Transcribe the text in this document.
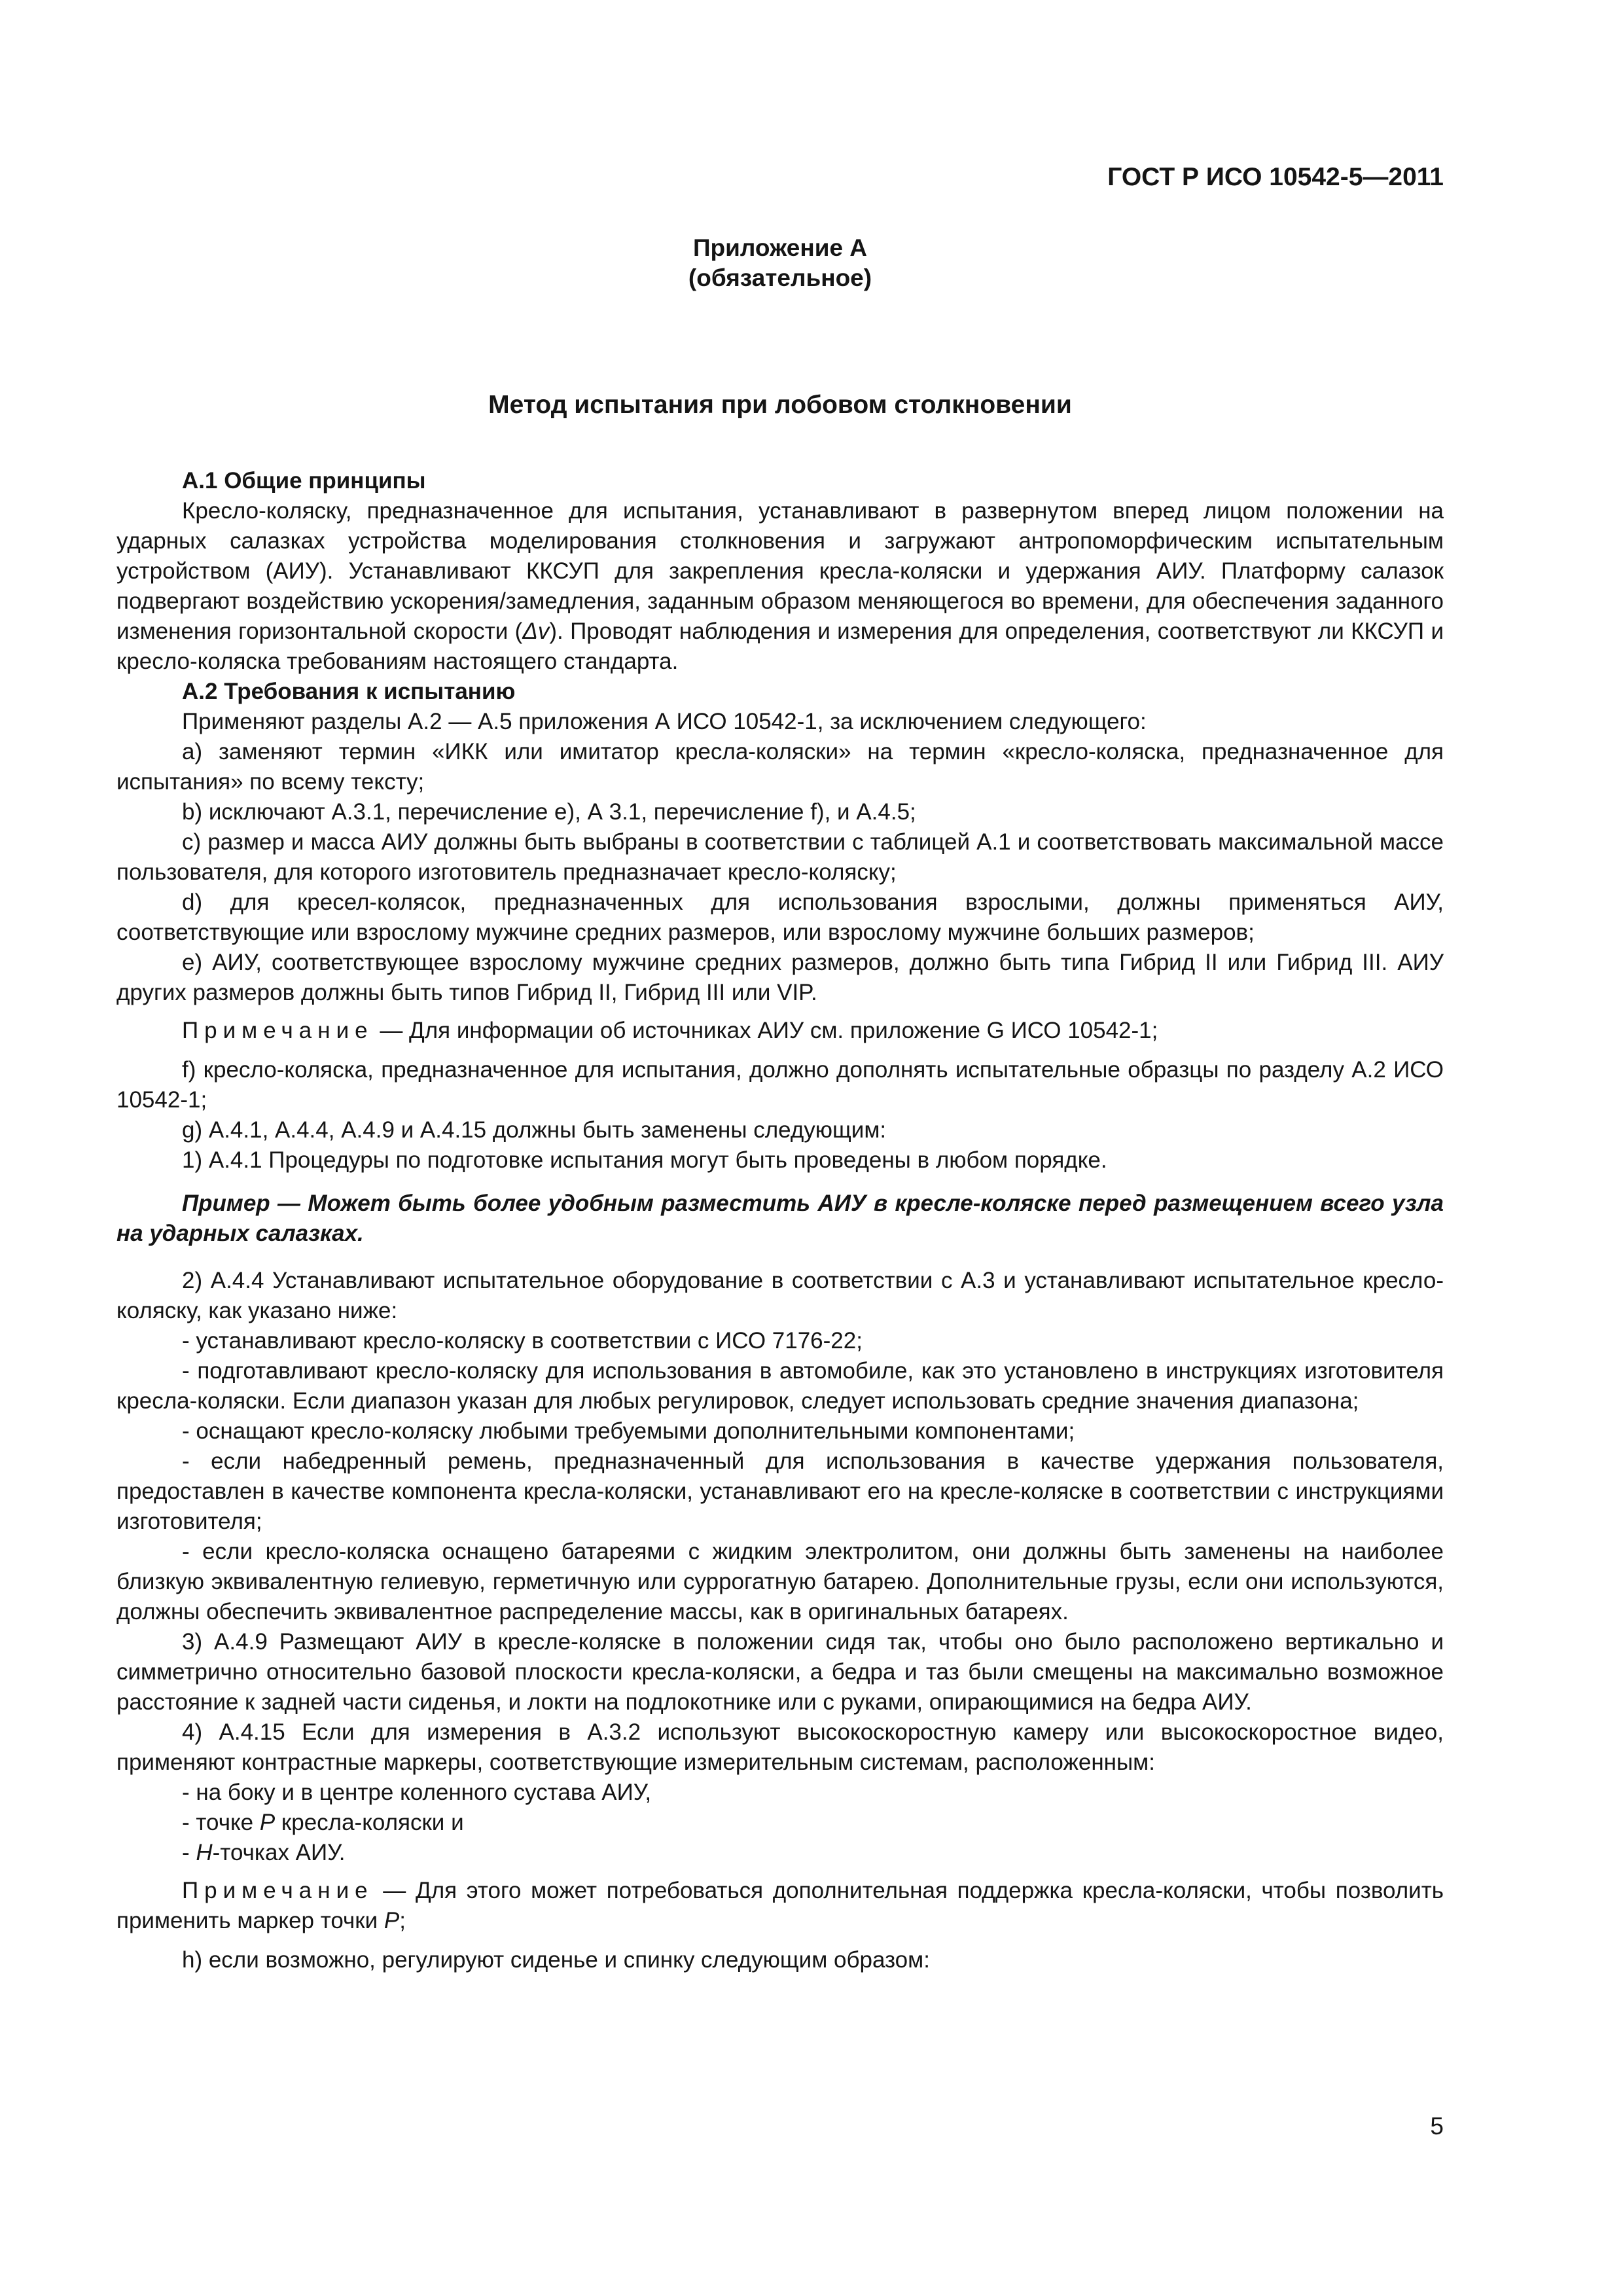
ГОСТ Р ИСО 10542-5—2011
Приложение А
(обязательное)
Метод испытания при лобовом столкновении

А.1 Общие принципы

Кресло-коляску, предназначенное для испытания, устанавливают в развернутом вперед лицом положении на ударных салазках устройства моделирования столкновения и загружают антропоморфическим испытательным устройством (АИУ). Устанавливают ККСУП для закрепления кресла-коляски и удержания АИУ. Платформу салазок подвергают воздействию ускорения/замедления, заданным образом меняющегося во времени, для обеспечения заданного изменения горизонтальной скорости (Δv). Проводят наблюдения и измерения для определения, соответствуют ли ККСУП и кресло-коляска требованиям настоящего стандарта.

А.2 Требования к испытанию

Применяют разделы А.2 — А.5 приложения А ИСО 10542-1, за исключением следующего:

a) заменяют термин «ИКК или имитатор кресла-коляски» на термин «кресло-коляска, предназначенное для испытания» по всему тексту;

b) исключают А.3.1, перечисление е), А 3.1, перечисление f), и А.4.5;

c) размер и масса АИУ должны быть выбраны в соответствии с таблицей А.1 и соответствовать максимальной массе пользователя, для которого изготовитель предназначает кресло-коляску;

d) для кресел-колясок, предназначенных для использования взрослыми, должны применяться АИУ, соответствующие или взрослому мужчине средних размеров, или взрослому мужчине больших размеров;

e) АИУ, соответствующее взрослому мужчине средних размеров, должно быть типа Гибрид II или Гибрид III. АИУ других размеров должны быть типов Гибрид II, Гибрид III или VIP.

Примечание — Для информации об источниках АИУ см. приложение G ИСО 10542-1;

f) кресло-коляска, предназначенное для испытания, должно дополнять испытательные образцы по разделу А.2 ИСО 10542-1;

g) А.4.1, А.4.4, А.4.9 и А.4.15 должны быть заменены следующим:

1) А.4.1 Процедуры по подготовке испытания могут быть проведены в любом порядке.

Пример — Может быть более удобным разместить АИУ в кресле-коляске перед размещением всего узла на ударных салазках.

2) А.4.4 Устанавливают испытательное оборудование в соответствии с А.3 и устанавливают испытательное кресло-коляску, как указано ниже:

- устанавливают кресло-коляску в соответствии с ИСО 7176-22;

- подготавливают кресло-коляску для использования в автомобиле, как это установлено в инструкциях изготовителя кресла-коляски. Если диапазон указан для любых регулировок, следует использовать средние значения диапазона;

- оснащают кресло-коляску любыми требуемыми дополнительными компонентами;

- если набедренный ремень, предназначенный для использования в качестве удержания пользователя, предоставлен в качестве компонента кресла-коляски, устанавливают его на кресле-коляске в соответствии с инструкциями изготовителя;

- если кресло-коляска оснащено батареями с жидким электролитом, они должны быть заменены на наиболее близкую эквивалентную гелиевую, герметичную или суррогатную батарею. Дополнительные грузы, если они используются, должны обеспечить эквивалентное распределение массы, как в оригинальных батареях.

3) А.4.9 Размещают АИУ в кресле-коляске в положении сидя так, чтобы оно было расположено вертикально и симметрично относительно базовой плоскости кресла-коляски, а бедра и таз были смещены на максимально возможное расстояние к задней части сиденья, и локти на подлокотнике или с руками, опирающимися на бедра АИУ.

4) А.4.15 Если для измерения в А.3.2 используют высокоскоростную камеру или высокоскоростное видео, применяют контрастные маркеры, соответствующие измерительным системам, расположенным:

- на боку и в центре коленного сустава АИУ,

- точке Р кресла-коляски и

- Н-точках АИУ.

Примечание — Для этого может потребоваться дополнительная поддержка кресла-коляски, чтобы позволить применить маркер точки Р;

h) если возможно, регулируют сиденье и спинку следующим образом:

5
